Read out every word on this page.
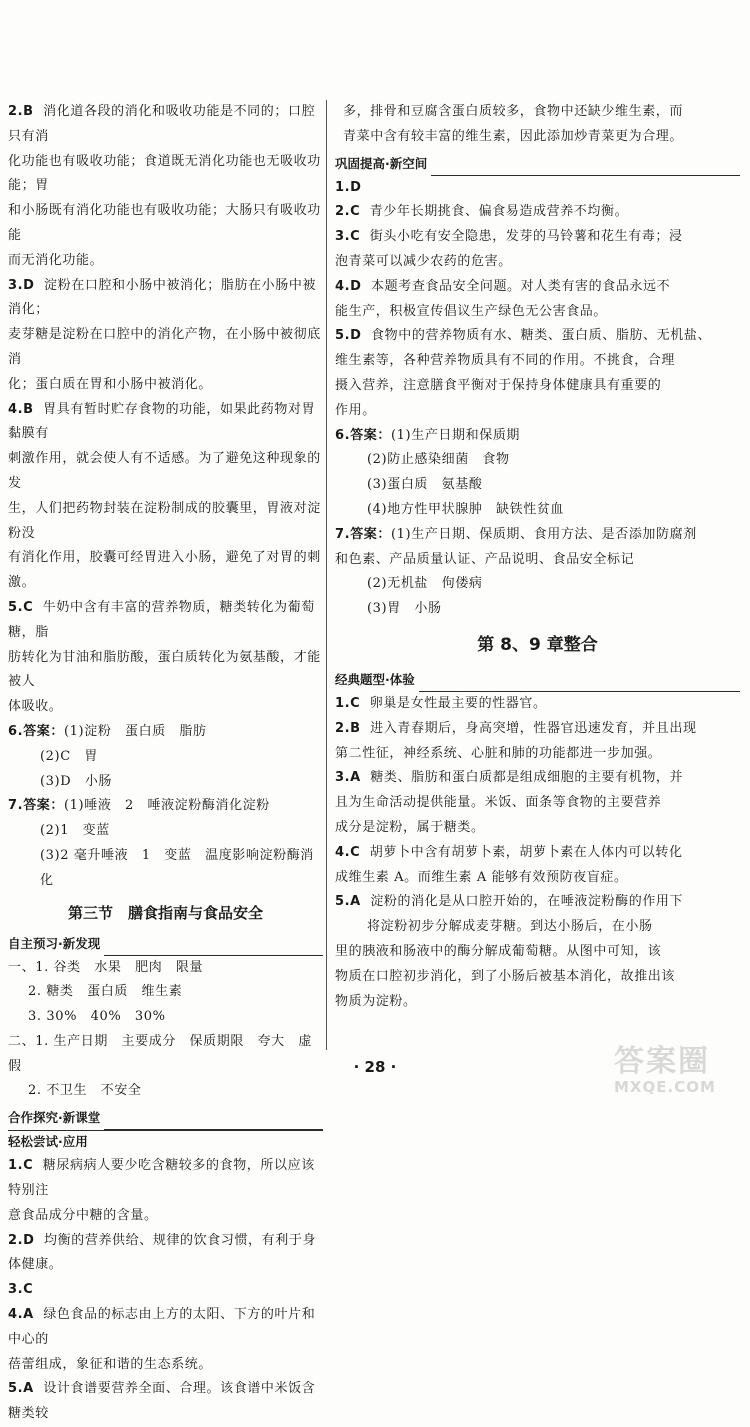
2.B 消化道各段的消化和吸收功能是不同的；口腔只有消

化功能也有吸收功能；食道既无消化功能也无吸收功能；胃

和小肠既有消化功能也有吸收功能；大肠只有吸收功能

而无消化功能。

3.D 淀粉在口腔和小肠中被消化；脂肪在小肠中被消化；

麦芽糖是淀粉在口腔中的消化产物，在小肠中被彻底消

化；蛋白质在胃和小肠中被消化。

4.B 胃具有暂时贮存食物的功能，如果此药物对胃黏膜有

刺激作用，就会使人有不适感。为了避免这种现象的发

生，人们把药物封装在淀粉制成的胶囊里，胃液对淀粉没

有消化作用，胶囊可经胃进入小肠，避免了对胃的刺激。

5.C 牛奶中含有丰富的营养物质，糖类转化为葡萄糖，脂

肪转化为甘油和脂肪酸，蛋白质转化为氨基酸，才能被人

体吸收。

6.答案：(1)淀粉　蛋白质　脂肪

(2)C　胃

(3)D　小肠

7.答案：(1)唾液　2　唾液淀粉酶消化淀粉

(2)1　变蓝

(3)2 毫升唾液　1　变蓝　温度影响淀粉酶消化

第三节　膳食指南与食品安全
自主预习·新发现

一、1. 谷类　水果　肥肉　限量

2. 糖类　蛋白质　维生素

3. 30%　40%　30%

二、1. 生产日期　主要成分　保质期限　夸大　虚假

2. 不卫生　不安全

合作探究·新课堂

轻松尝试·应用

1.C 糖尿病病人要少吃含糖较多的食物，所以应该特别注

意食品成分中糖的含量。

2.D 均衡的营养供给、规律的饮食习惯，有利于身体健康。

3.C

4.A 绿色食品的标志由上方的太阳、下方的叶片和中心的

蓓蕾组成，象征和谐的生态系统。

5.A 设计食谱要营养全面、合理。该食谱中米饭含糖类较

多，排骨和豆腐含蛋白质较多，食物中还缺少维生素，而

青菜中含有较丰富的维生素，因此添加炒青菜更为合理。

巩固提高·新空间

1.D

2.C 青少年长期挑食、偏食易造成营养不均衡。

3.C 街头小吃有安全隐患，发芽的马铃薯和花生有毒；浸

泡青菜可以减少农药的危害。

4.D 本题考查食品安全问题。对人类有害的食品永远不

能生产，积极宣传倡议生产绿色无公害食品。

5.D 食物中的营养物质有水、糖类、蛋白质、脂肪、无机盐、

维生素等，各种营养物质具有不同的作用。不挑食，合理

摄入营养，注意膳食平衡对于保持身体健康具有重要的

作用。

6.答案：(1)生产日期和保质期

(2)防止感染细菌　食物

(3)蛋白质　氨基酸

(4)地方性甲状腺肿　缺铁性贫血

7.答案：(1)生产日期、保质期、食用方法、是否添加防腐剂

和色素、产品质量认证、产品说明、食品安全标记

(2)无机盐　佝偻病

(3)胃　小肠

第 8、9 章整合
经典题型·体验

1.C 卵巢是女性最主要的性器官。

2.B 进入青春期后，身高突增，性器官迅速发育，并且出现

第二性征，神经系统、心脏和肺的功能都进一步加强。

3.A 糖类、脂肪和蛋白质都是组成细胞的主要有机物，并

且为生命活动提供能量。米饭、面条等食物的主要营养

成分是淀粉，属于糖类。

4.C 胡萝卜中含有胡萝卜素，胡萝卜素在人体内可以转化

成维生素 A。而维生素 A 能够有效预防夜盲症。

5.A 淀粉的消化是从口腔开始的，在唾液淀粉酶的作用下

将淀粉初步分解成麦芽糖。到达小肠后，在小肠

里的胰液和肠液中的酶分解成葡萄糖。从图中可知，该

物质在口腔初步消化，到了小肠后被基本消化，故推出该

物质为淀粉。

· 28 ·	答案圈
MXQE.COM
